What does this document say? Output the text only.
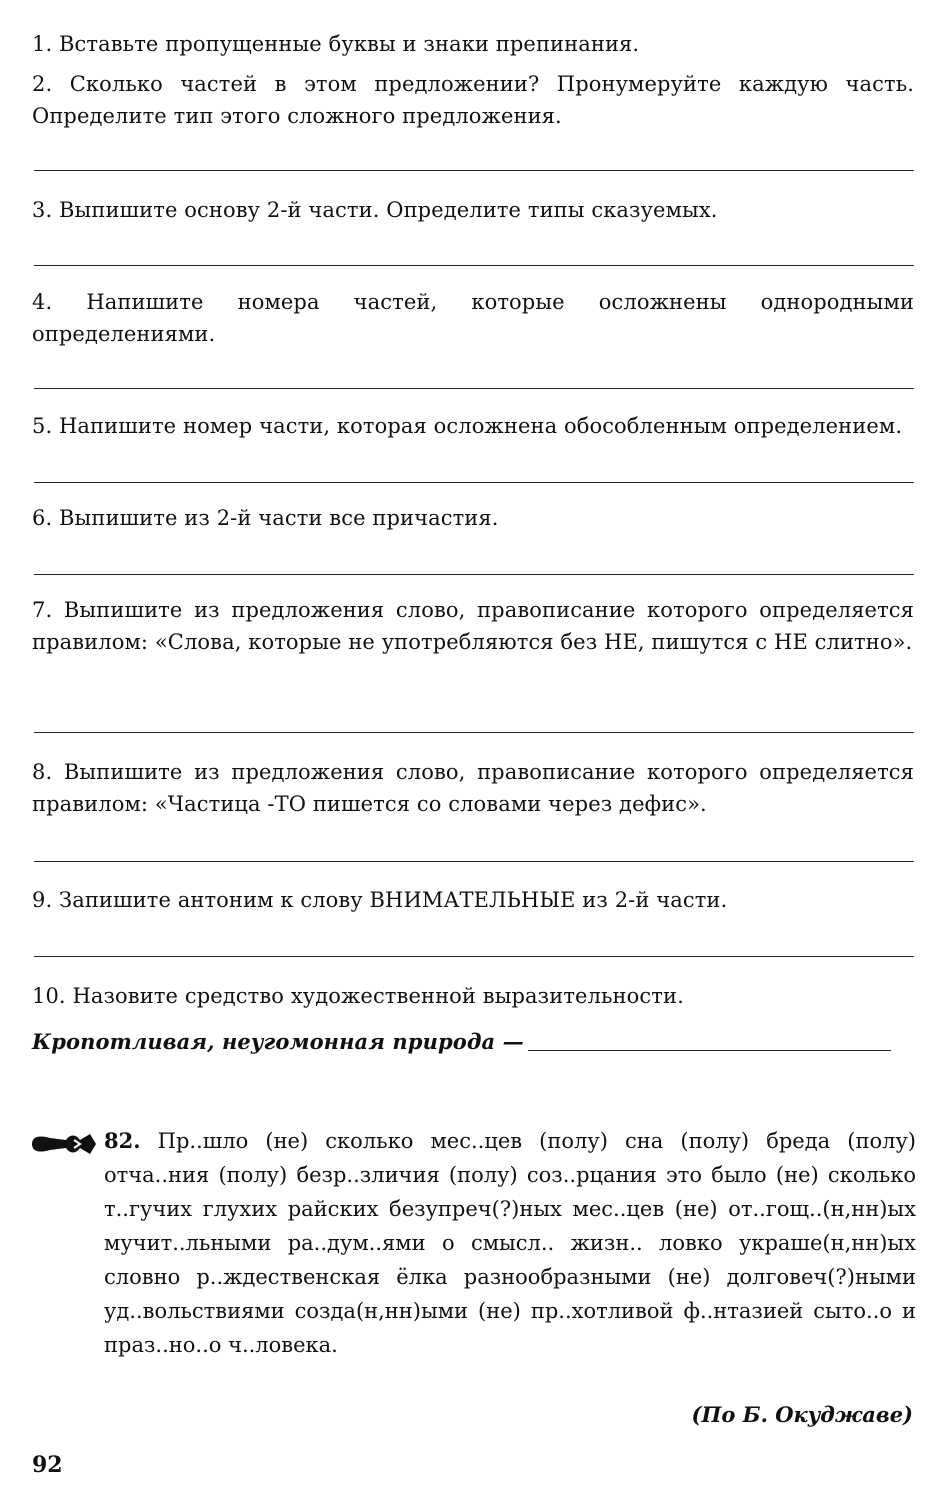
1. Вставьте пропущенные буквы и знаки препинания.
2. Сколько частей в этом предложении? Пронумеруйте каждую часть. Определите тип этого сложного предложения.
3. Выпишите основу 2-й части. Определите типы сказуемых.
4. Напишите номера частей, которые осложнены однородными определениями.
5. Напишите номер части, которая осложнена обособленным определением.
6. Выпишите из 2-й части все причастия.
7. Выпишите из предложения слово, правописание которого определяется правилом: «Слова, которые не употребляются без НЕ, пишутся с НЕ слитно».
8. Выпишите из предложения слово, правописание которого определяется правилом: «Частица -ТО пишется со словами через дефис».
9. Запишите антоним к слову ВНИМАТЕЛЬНЫЕ из 2-й части.
10. Назовите средство художественной выразительности.
Кропотливая, неугомонная природа —
82. Пр..шло (не) сколько мес..цев (полу) сна (полу) бреда (полу) отча..ния (полу) безр..зличия (полу) соз..рцания это было (не) сколько т..гучих глухих райских безупреч(?)ных мес..цев (не) от..гощ..(н,нн)ых мучит..льными ра..дум..ями о смысл.. жизн.. ловко украше(н,нн)ых словно р..ждественская ёлка разнообразными (не) долговеч(?)ными уд..вольствиями созда(н,нн)ыми (не) пр..хотливой ф..нтазией сыто..о и праз..но..о ч..ловека.
(По Б. Окуджаве)
92
